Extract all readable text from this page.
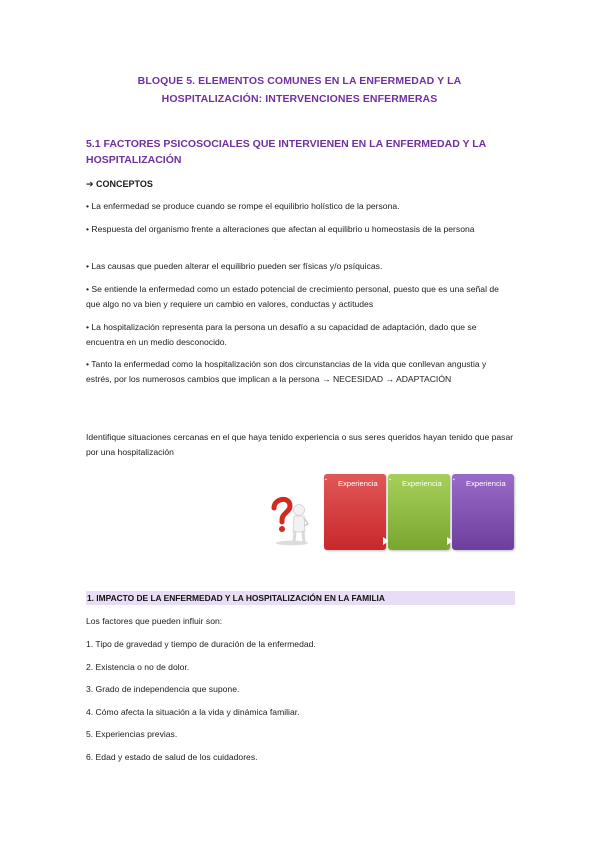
BLOQUE 5. ELEMENTOS COMUNES EN LA ENFERMEDAD Y LA
HOSPITALIZACIÓN: INTERVENCIONES ENFERMERAS
5.1 FACTORES PSICOSOCIALES QUE INTERVIENEN EN LA ENFERMEDAD Y LA
HOSPITALIZACIÓN
➔ CONCEPTOS
• La enfermedad se produce cuando se rompe el equilibrio holístico de la persona.
• Respuesta del organismo frente a alteraciones que afectan al equilibrio u homeostasis de la persona
• Las causas que pueden alterar el equilibrio pueden ser físicas y/o psíquicas.
• Se entiende la enfermedad como un estado potencial de crecimiento personal, puesto que es una señal de que algo no va bien y requiere un cambio en valores, conductas y actitudes
• La hospitalización representa para la persona un desafío a su capacidad de adaptación, dado que se encuentra en un medio desconocido.
• Tanto la enfermedad como la hospitalización son dos circunstancias de la vida que conllevan angustia y estrés, por los numerosos cambios que implican a la persona → NECESIDAD → ADAPTACIÓN
Identifique situaciones cercanas en el que haya tenido experiencia o sus seres queridos hayan tenido que pasar por una hospitalización
▪	Experiencia ▪	Experiencia ▪	Experiencia
1. IMPACTO DE LA ENFERMEDAD Y LA HOSPITALIZACIÓN EN LA FAMILIA
Los factores que pueden influir son:
1. Tipo de gravedad y tiempo de duración de la enfermedad.
2. Existencia o no de dolor.
3. Grado de independencia que supone.
4. Cómo afecta la situación a la vida y dinámica familiar.
5. Experiencias previas.
6. Edad y estado de salud de los cuidadores.
